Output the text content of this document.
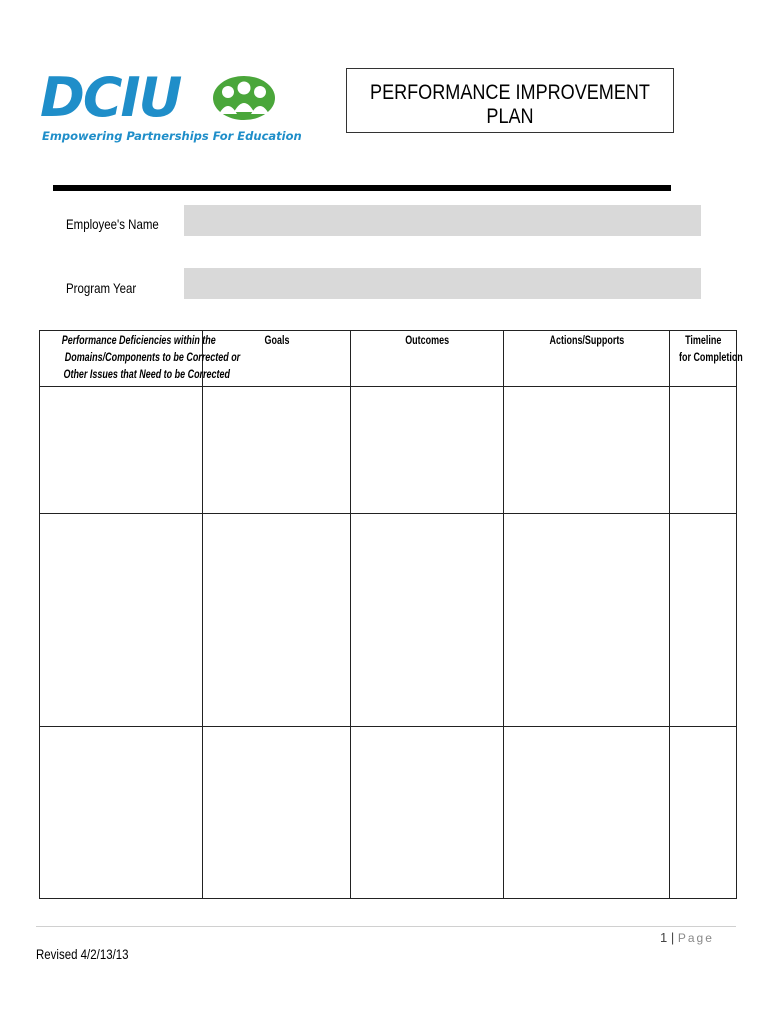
DCIU
Empowering Partnerships For Education
PERFORMANCE IMPROVEMENT PLAN
Employee's Name
Program Year
Performance Deficiencies within the
Domains/Components to be Corrected or
Other Issues that Need to be Corrected	Goals	Outcomes	Actions/Supports	Timeline
for Completion

1 | Page
Revised 4/2/13/13
